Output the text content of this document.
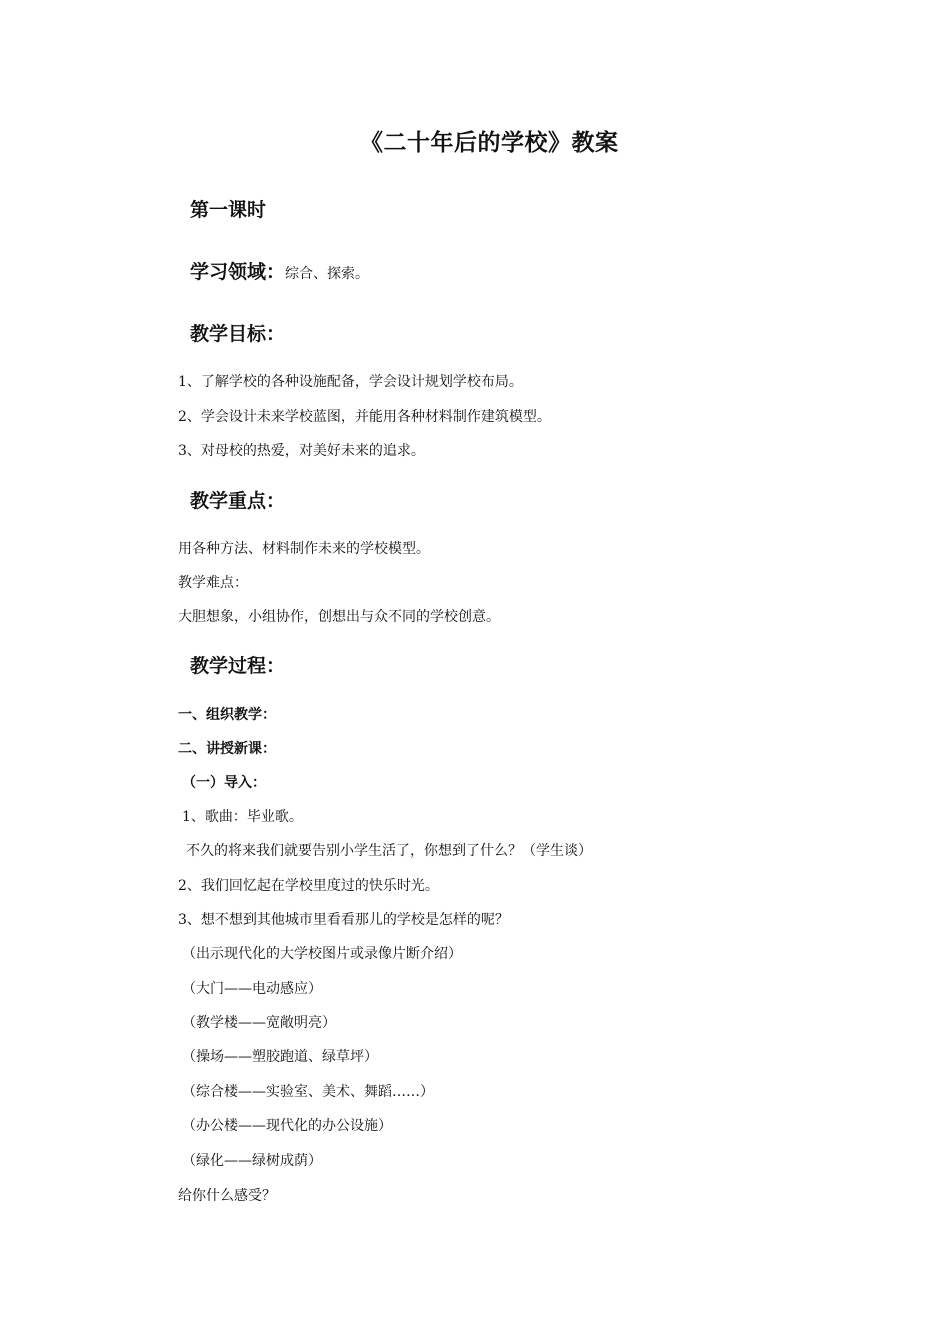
《二十年后的学校》教案
第一课时
学习领域：综合、探索。
教学目标：
1、了解学校的各种设施配备，学会设计规划学校布局。
2、学会设计未来学校蓝图，并能用各种材料制作建筑模型。
3、对母校的热爱，对美好未来的追求。
教学重点：
用各种方法、材料制作未来的学校模型。
教学难点：
大胆想象，小组协作，创想出与众不同的学校创意。
教学过程：
一、组织教学：
二、讲授新课：
（一）导入：
1、歌曲：毕业歌。
不久的将来我们就要告别小学生活了，你想到了什么？（学生谈）
2、我们回忆起在学校里度过的快乐时光。
3、想不想到其他城市里看看那儿的学校是怎样的呢？
（出示现代化的大学校图片或录像片断介绍）
（大门——电动感应）
（教学楼——宽敞明亮）
（操场——塑胶跑道、绿草坪）
（综合楼——实验室、美术、舞蹈……）
（办公楼——现代化的办公设施）
（绿化——绿树成荫）
给你什么感受？
